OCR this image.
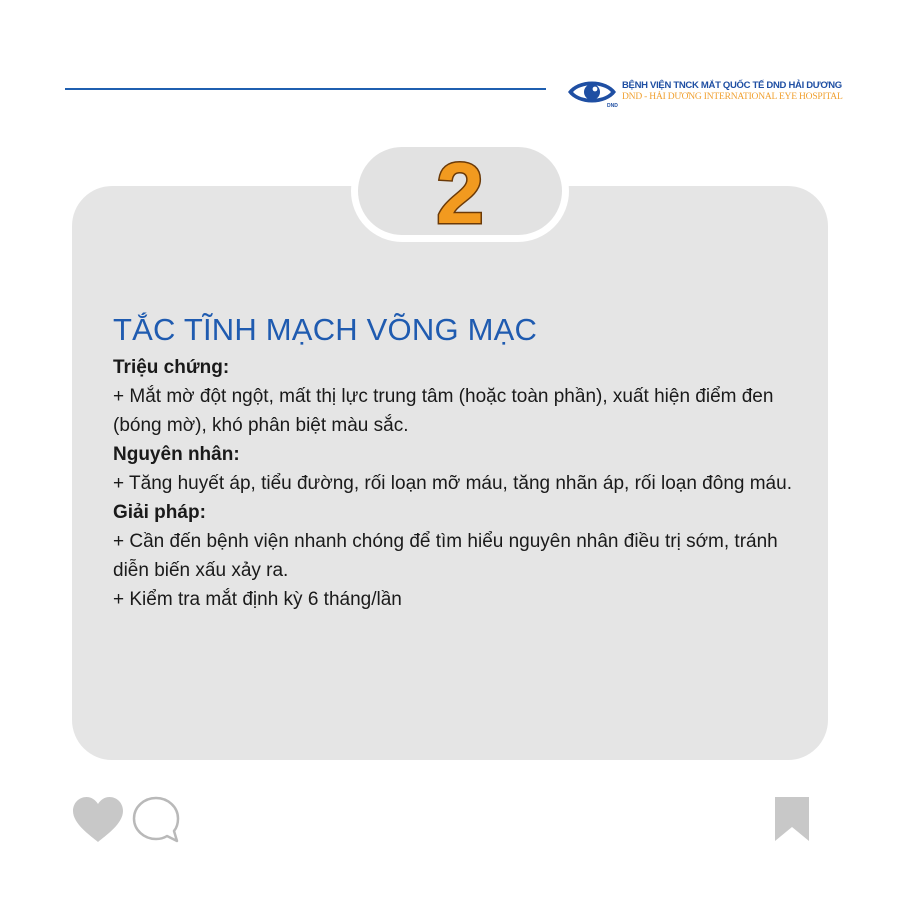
DND
BỆNH VIỆN TNCK MẮT QUỐC TẾ DND HẢI DƯƠNG
DND - HẢI DƯƠNG INTERNATIONAL EYE HOSPITAL
2
TẮC TĨNH MẠCH VÕNG MẠC
Triệu chứng:
+ Mắt mờ đột ngột, mất thị lực trung tâm (hoặc toàn phần), xuất hiện điểm đen (bóng mờ), khó phân biệt màu sắc.
Nguyên nhân:
+ Tăng huyết áp, tiểu đường, rối loạn mỡ máu, tăng nhãn áp, rối loạn đông máu.
Giải pháp:
+ Cần đến bệnh viện nhanh chóng để tìm hiểu nguyên nhân điều trị sớm, tránh diễn biến xấu xảy ra.
+ Kiểm tra mắt định kỳ 6 tháng/lần
